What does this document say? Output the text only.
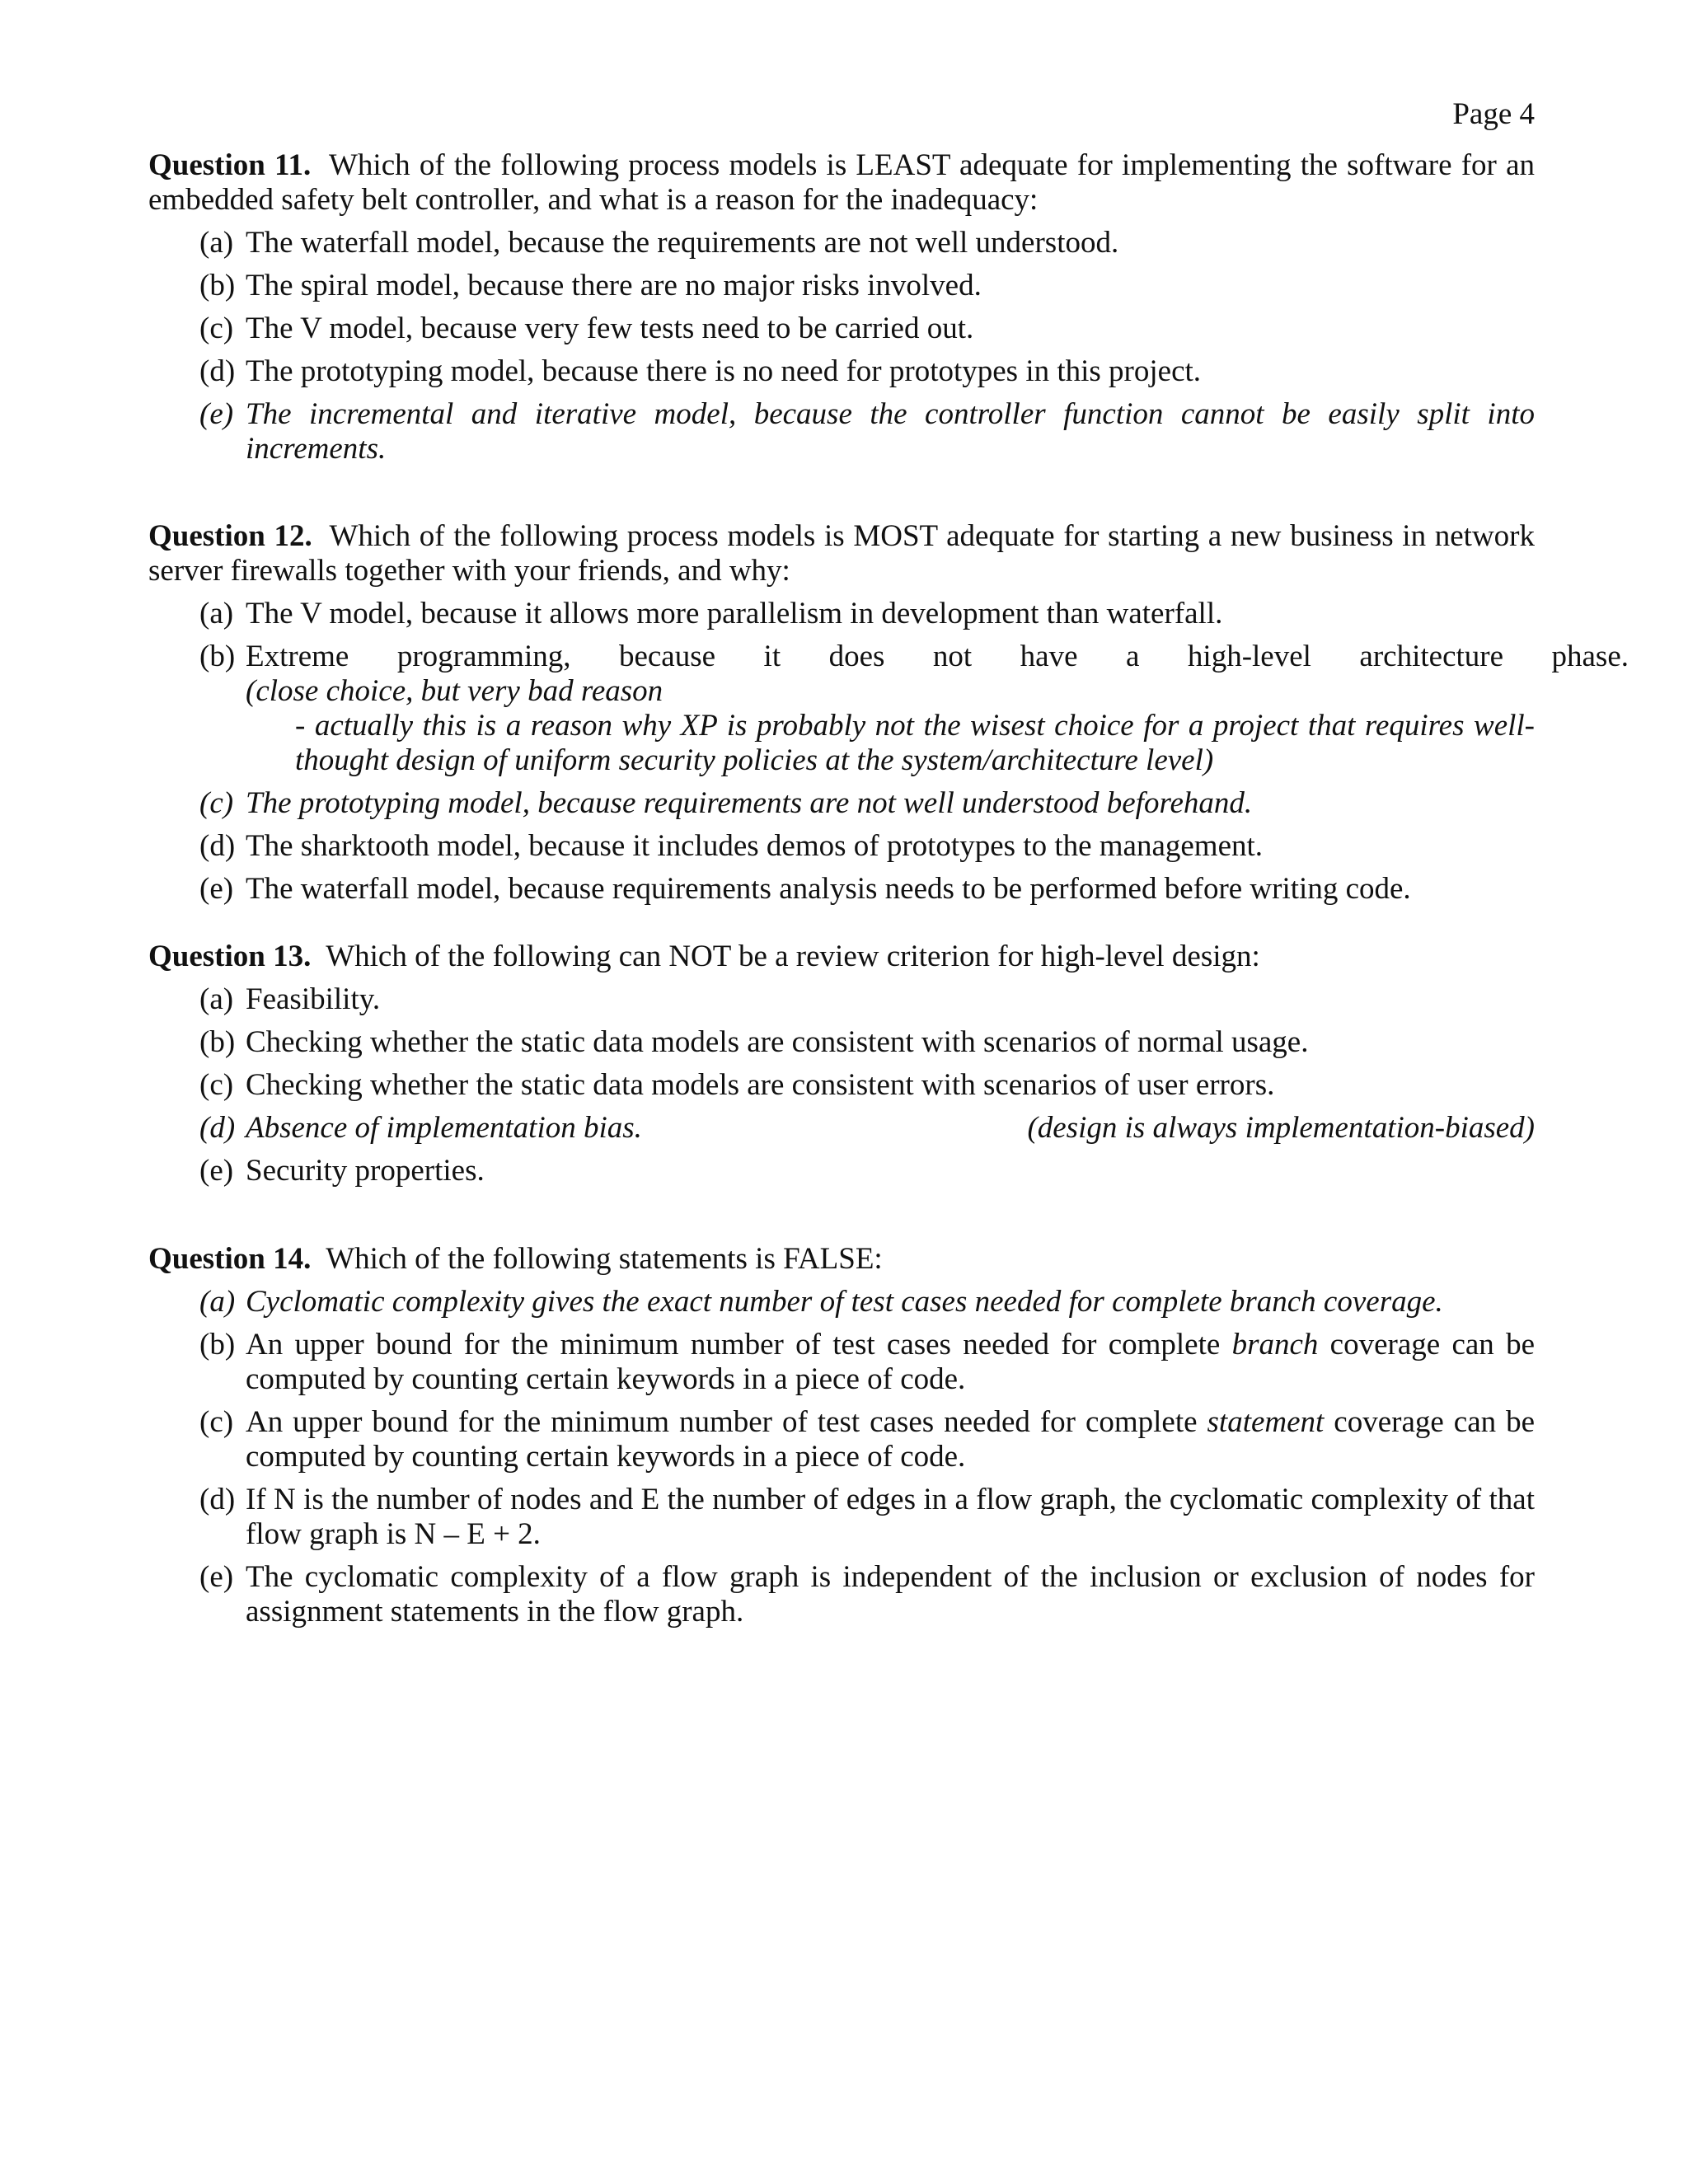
Page 4

Question 11. Which of the following process models is LEAST adequate for implementing the software for an embedded safety belt controller, and what is a reason for the inadequacy:

(a) The waterfall model, because the requirements are not well understood.
(b) The spiral model, because there are no major risks involved.
(c) The V model, because very few tests need to be carried out.
(d) The prototyping model, because there is no need for prototypes in this project.
(e) The incremental and iterative model, because the controller function cannot be easily split into increments.

Question 12. Which of the following process models is MOST adequate for starting a new business in network server firewalls together with your friends, and why:

(a) The V model, because it allows more parallelism in development than waterfall.
(b) Extreme programming, because it does not have a high-level architecture phase.(close choice, but very bad reason
- actually this is a reason why XP is probably not the wisest choice for a project that requires well-thought design of uniform security policies at the system/architecture level)
(c) The prototyping model, because requirements are not well understood beforehand.
(d) The sharktooth model, because it includes demos of prototypes to the management.
(e) The waterfall model, because requirements analysis needs to be performed before writing code.

Question 13. Which of the following can NOT be a review criterion for high-level design:

(a) Feasibility.
(b) Checking whether the static data models are consistent with scenarios of normal usage.
(c) Checking whether the static data models are consistent with scenarios of user errors.
(d) Absence of implementation bias.	(design is always implementation-biased)
(e) Security properties.

Question 14. Which of the following statements is FALSE:

(a) Cyclomatic complexity gives the exact number of test cases needed for complete branch coverage.
(b) An upper bound for the minimum number of test cases needed for complete branch coverage can be computed by counting certain keywords in a piece of code.
(c) An upper bound for the minimum number of test cases needed for complete statement coverage can be computed by counting certain keywords in a piece of code.
(d) If N is the number of nodes and E the number of edges in a flow graph, the cyclomatic complexity of that flow graph is N – E + 2.
(e) The cyclomatic complexity of a flow graph is independent of the inclusion or exclusion of nodes for assignment statements in the flow graph.
